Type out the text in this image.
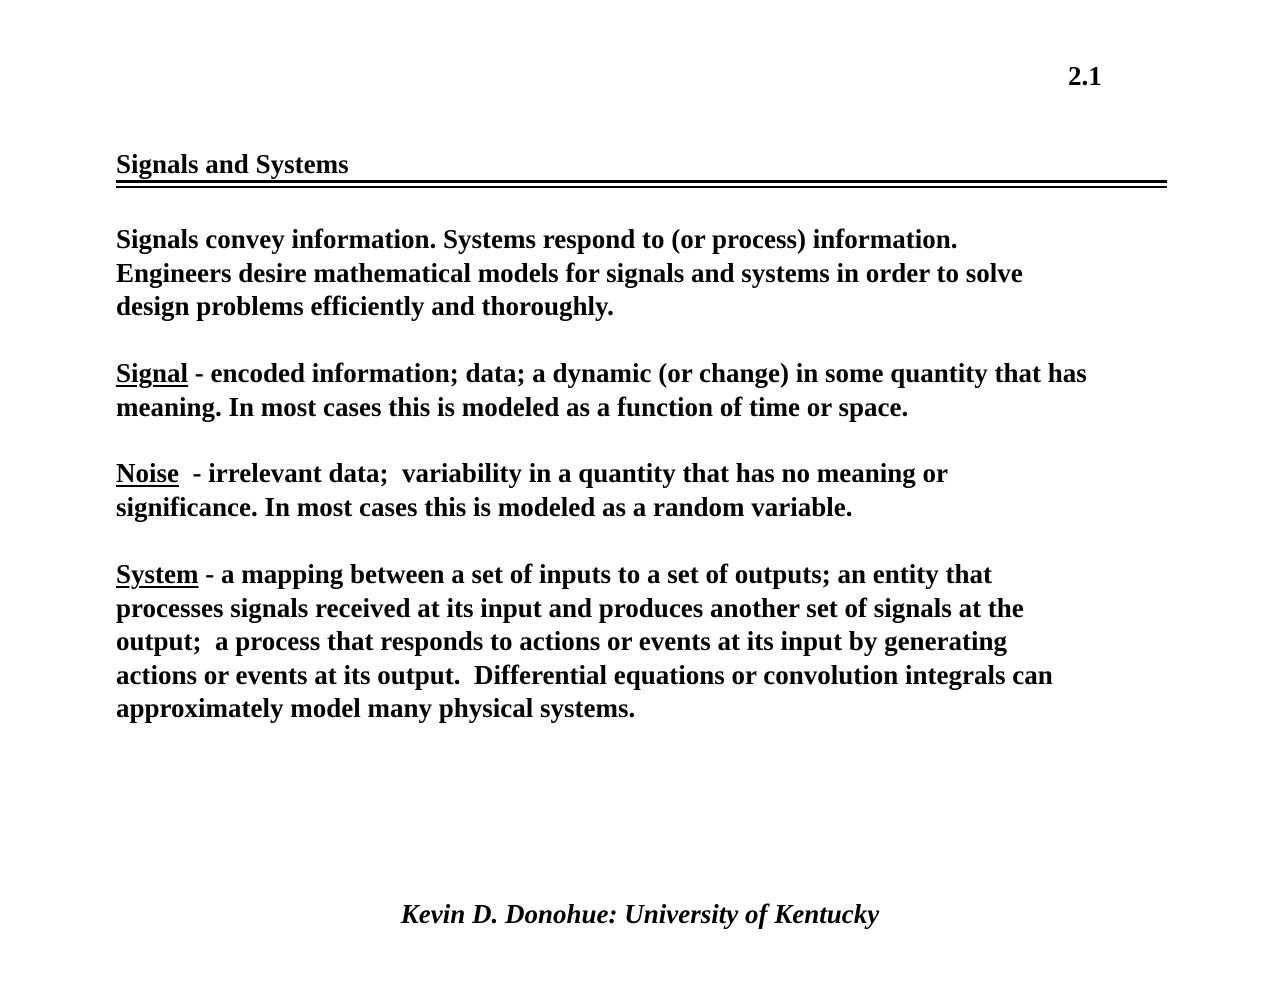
2.1
Signals and Systems

Signals convey information. Systems respond to (or process) information.
Engineers desire mathematical models for signals and systems in order to solve
design problems efficiently and thoroughly.

Signal - encoded information; data; a dynamic (or change) in some quantity that has
meaning. In most cases this is modeled as a function of time or space.

Noise  - irrelevant data;  variability in a quantity that has no meaning or
significance. In most cases this is modeled as a random variable.

System - a mapping between a set of inputs to a set of outputs; an entity that
processes signals received at its input and produces another set of signals at the
output;  a process that responds to actions or events at its input by generating
actions or events at its output.  Differential equations or convolution integrals can
approximately model many physical systems.

Kevin D. Donohue: University of Kentucky
